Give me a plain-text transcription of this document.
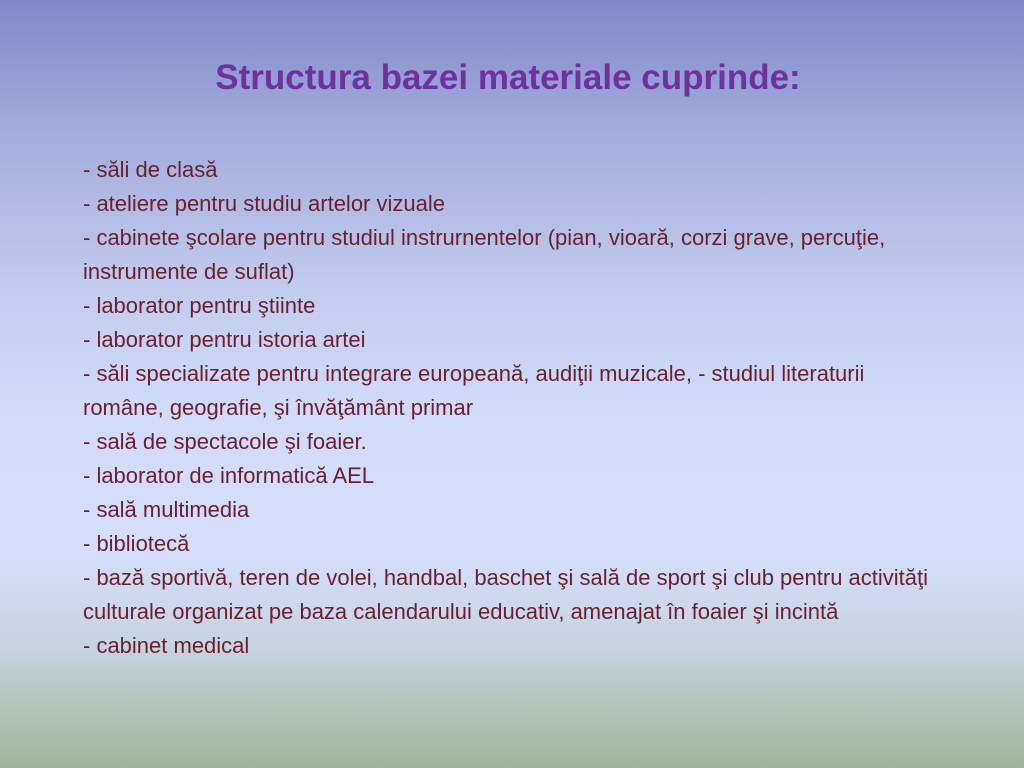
Structura bazei materiale cuprinde:

- săli de clasă

- ateliere pentru studiu artelor vizuale

- cabinete şcolare pentru studiul instrurnentelor (pian, vioară, corzi grave, percuţie, instrumente de suflat)

- laborator pentru ştiinte

- laborator pentru istoria artei

- săli specializate pentru integrare europeană, audiţii muzicale, - studiul literaturii române, geografie, şi învăţământ primar

- sală de spectacole şi foaier.

- laborator de informatică AEL

- sală multimedia

- bibliotecă

- bază sportivă, teren de volei, handbal, baschet şi sală de sport şi club pentru activităţi culturale organizat pe baza calendarului educativ, amenajat în foaier şi incintă

- cabinet medical
